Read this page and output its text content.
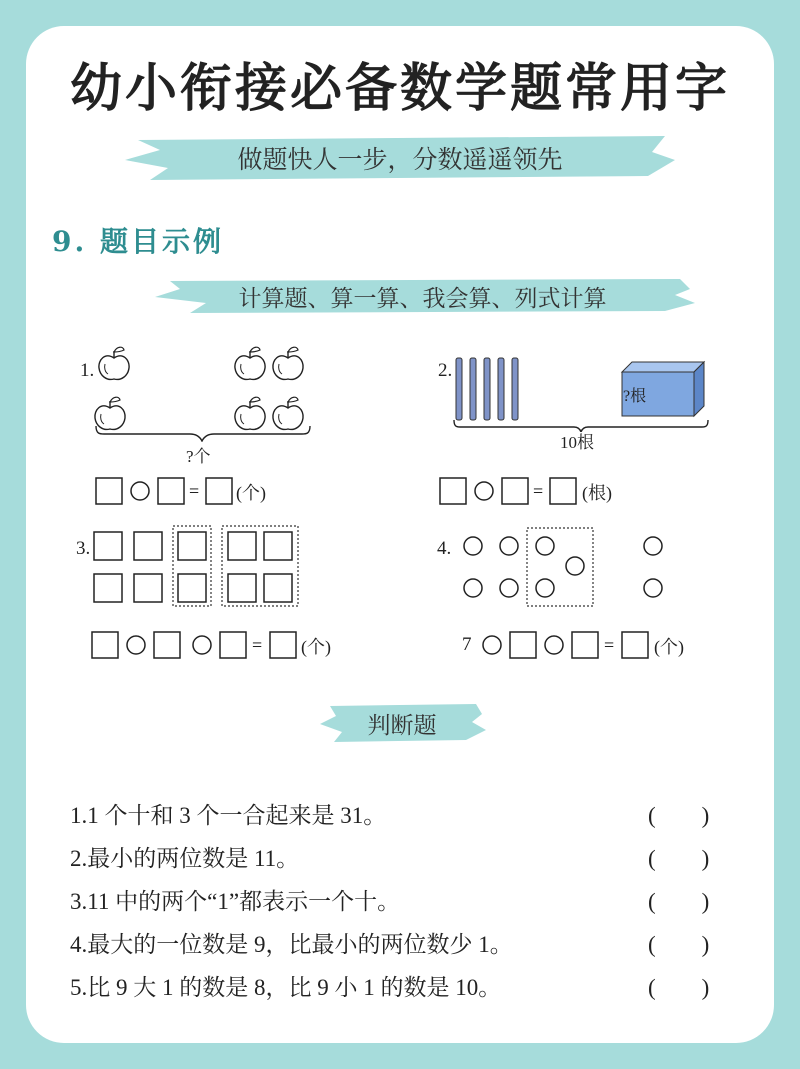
幼小衔接必备数学题常用字
做题快人一步，分数遥遥领先
9. 题目示例
计算题、算一算、我会算、列式计算
1.
?个
= (个)
2.
?根
10根
= (根)
3.
= (个)
4.
7	= (个)
判断题
1.1 个十和 3 个一合起来是 31。	(　　)
2.最小的两位数是 11。	(　　)
3.11 中的两个“1”都表示一个十。	(　　)
4.最大的一位数是 9，比最小的两位数少 1。	(　　)
5.比 9 大 1 的数是 8，比 9 小 1 的数是 10。	(　　)
